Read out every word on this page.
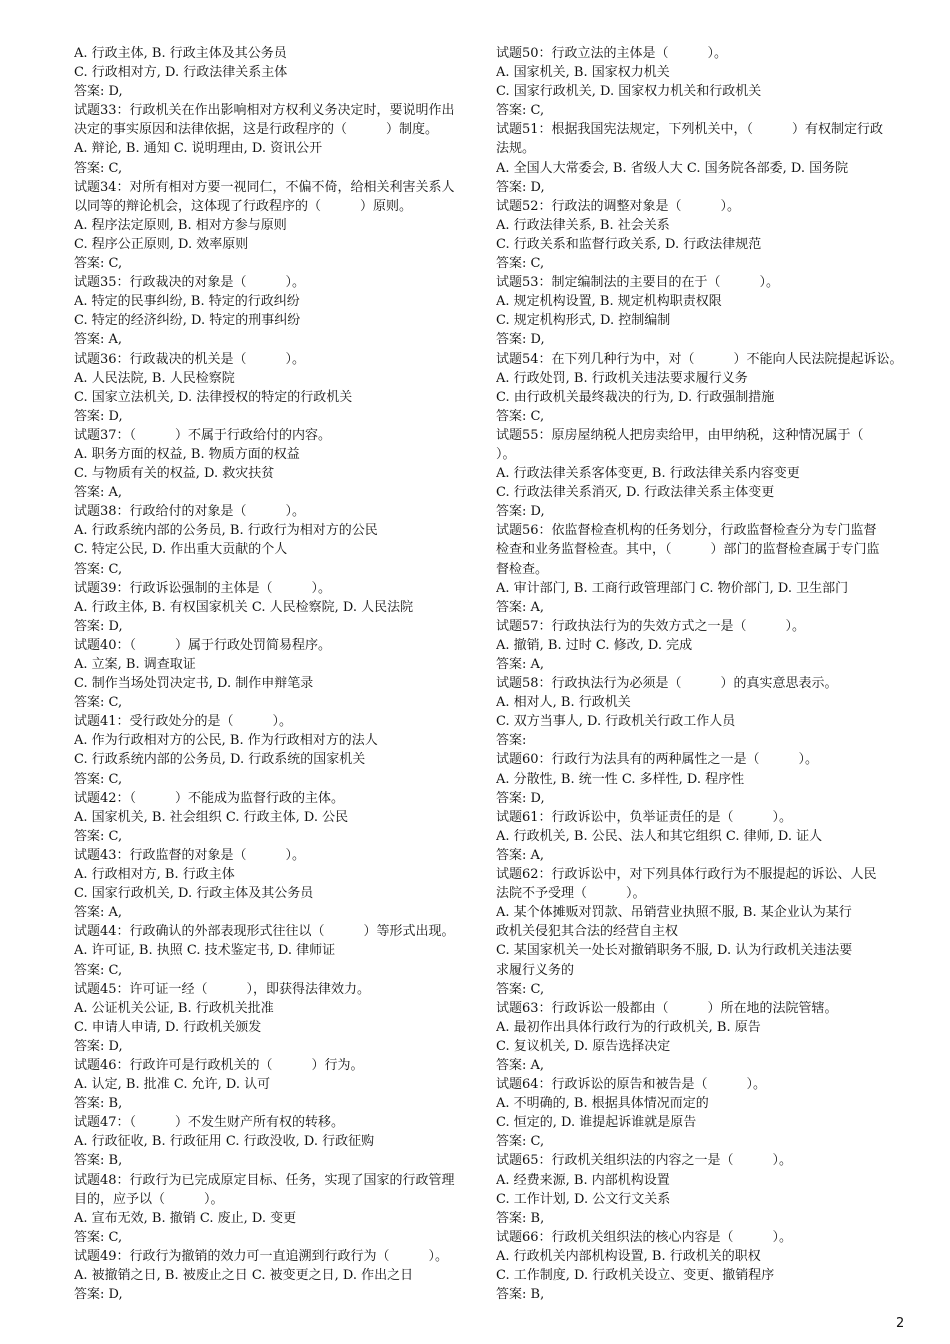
A. 行政主体, B. 行政主体及其公务员
C. 行政相对方, D. 行政法律关系主体
答案: D,
试题33：行政机关在作出影响相对方权利义务决定时，要说明作出
决定的事实原因和法律依据，这是行政程序的（　　　）制度。
A. 辩论, B. 通知 C. 说明理由, D. 资讯公开
答案: C,
试题34：对所有相对方要一视同仁，不偏不倚，给相关利害关系人
以同等的辩论机会，这体现了行政程序的（　　　）原则。
A. 程序法定原则, B. 相对方参与原则
C. 程序公正原则, D. 效率原则
答案: C,
试题35：行政裁决的对象是（　　　）。
A. 特定的民事纠纷, B. 特定的行政纠纷
C. 特定的经济纠纷, D. 特定的刑事纠纷
答案: A,
试题36：行政裁决的机关是（　　　）。
A. 人民法院, B. 人民检察院
C. 国家立法机关, D. 法律授权的特定的行政机关
答案: D,
试题37：（　　　）不属于行政给付的内容。
A. 职务方面的权益, B. 物质方面的权益
C. 与物质有关的权益, D. 救灾扶贫
答案: A,
试题38：行政给付的对象是（　　　）。
A. 行政系统内部的公务员, B. 行政行为相对方的公民
C. 特定公民, D. 作出重大贡献的个人
答案: C,
试题39：行政诉讼强制的主体是（　　　）。
A. 行政主体, B. 有权国家机关 C. 人民检察院, D. 人民法院
答案: D,
试题40：（　　　）属于行政处罚简易程序。
A. 立案, B. 调查取证
C. 制作当场处罚决定书, D. 制作申辩笔录
答案: C,
试题41：受行政处分的是（　　　）。
A. 作为行政相对方的公民, B. 作为行政相对方的法人
C. 行政系统内部的公务员, D. 行政系统的国家机关
答案: C,
试题42：（　　　）不能成为监督行政的主体。
A. 国家机关, B. 社会组织 C. 行政主体, D. 公民
答案: C,
试题43：行政监督的对象是（　　　）。
A. 行政相对方, B. 行政主体
C. 国家行政机关, D. 行政主体及其公务员
答案: A,
试题44：行政确认的外部表现形式往往以（　　　）等形式出现。
A. 许可证, B. 执照 C. 技术鉴定书, D. 律师证
答案: C,
试题45：许可证一经（　　　），即获得法律效力。
A. 公证机关公证, B. 行政机关批准
C. 申请人申请, D. 行政机关颁发
答案: D,
试题46：行政许可是行政机关的（　　　）行为。
A. 认定, B. 批准 C. 允许, D. 认可
答案: B,
试题47：（　　　）不发生财产所有权的转移。
A. 行政征收, B. 行政征用 C. 行政没收, D. 行政征购
答案: B,
试题48：行政行为已完成原定目标、任务，实现了国家的行政管理
目的，应予以（　　　）。
A. 宣布无效, B. 撤销 C. 废止, D. 变更
答案: C,
试题49：行政行为撤销的效力可一直追溯到行政行为（　　　）。
A. 被撤销之日, B. 被废止之日 C. 被变更之日, D. 作出之日
答案: D,
试题50：行政立法的主体是（　　　）。
A. 国家机关, B. 国家权力机关
C. 国家行政机关, D. 国家权力机关和行政机关
答案: C,
试题51：根据我国宪法规定，下列机关中，（　　　）有权制定行政
法规。
A. 全国人大常委会, B. 省级人大 C. 国务院各部委, D. 国务院
答案: D,
试题52：行政法的调整对象是（　　　）。
A. 行政法律关系, B. 社会关系
C. 行政关系和监督行政关系, D. 行政法律规范
答案: C,
试题53：制定编制法的主要目的在于（　　　）。
A. 规定机构设置, B. 规定机构职责权限
C. 规定机构形式, D. 控制编制
答案: D,
试题54：在下列几种行为中，对（　　　）不能向人民法院提起诉讼。
A. 行政处罚, B. 行政机关违法要求履行义务
C. 由行政机关最终裁决的行为, D. 行政强制措施
答案: C,
试题55：原房屋纳税人把房卖给甲，由甲纳税，这种情况属于（
）。
A. 行政法律关系客体变更, B. 行政法律关系内容变更
C. 行政法律关系消灭, D. 行政法律关系主体变更
答案: D,
试题56：依监督检查机构的任务划分，行政监督检查分为专门监督
检查和业务监督检查。其中，（　　　）部门的监督检查属于专门监
督检查。
A. 审计部门, B. 工商行政管理部门 C. 物价部门, D. 卫生部门
答案: A,
试题57：行政执法行为的失效方式之一是（　　　）。
A. 撤销, B. 过时 C. 修改, D. 完成
答案: A,
试题58：行政执法行为必须是（　　　）的真实意思表示。
A. 相对人, B. 行政机关
C. 双方当事人, D. 行政机关行政工作人员
答案:
试题60：行政行为法具有的两种属性之一是（　　　）。
A. 分散性, B. 统一性 C. 多样性, D. 程序性
答案: D,
试题61：行政诉讼中，负举证责任的是（　　　）。
A. 行政机关, B. 公民、法人和其它组织 C. 律师, D. 证人
答案: A,
试题62：行政诉讼中，对下列具体行政行为不服提起的诉讼、人民
法院不予受理（　　　）。
A. 某个体摊贩对罚款、吊销营业执照不服, B. 某企业认为某行
政机关侵犯其合法的经营自主权
C. 某国家机关一处长对撤销职务不服, D. 认为行政机关违法要
求履行义务的
答案: C,
试题63：行政诉讼一般都由（　　　）所在地的法院管辖。
A. 最初作出具体行政行为的行政机关, B. 原告
C. 复议机关, D. 原告选择决定
答案: A,
试题64：行政诉讼的原告和被告是（　　　）。
A. 不明确的, B. 根据具体情况而定的
C. 恒定的, D. 谁提起诉谁就是原告
答案: C,
试题65：行政机关组织法的内容之一是（　　　）。
A. 经费来源, B. 内部机构设置
C. 工作计划, D. 公文行文关系
答案: B,
试题66：行政机关组织法的核心内容是（　　　）。
A. 行政机关内部机构设置, B. 行政机关的职权
C. 工作制度, D. 行政机关设立、变更、撤销程序
答案: B,
2
